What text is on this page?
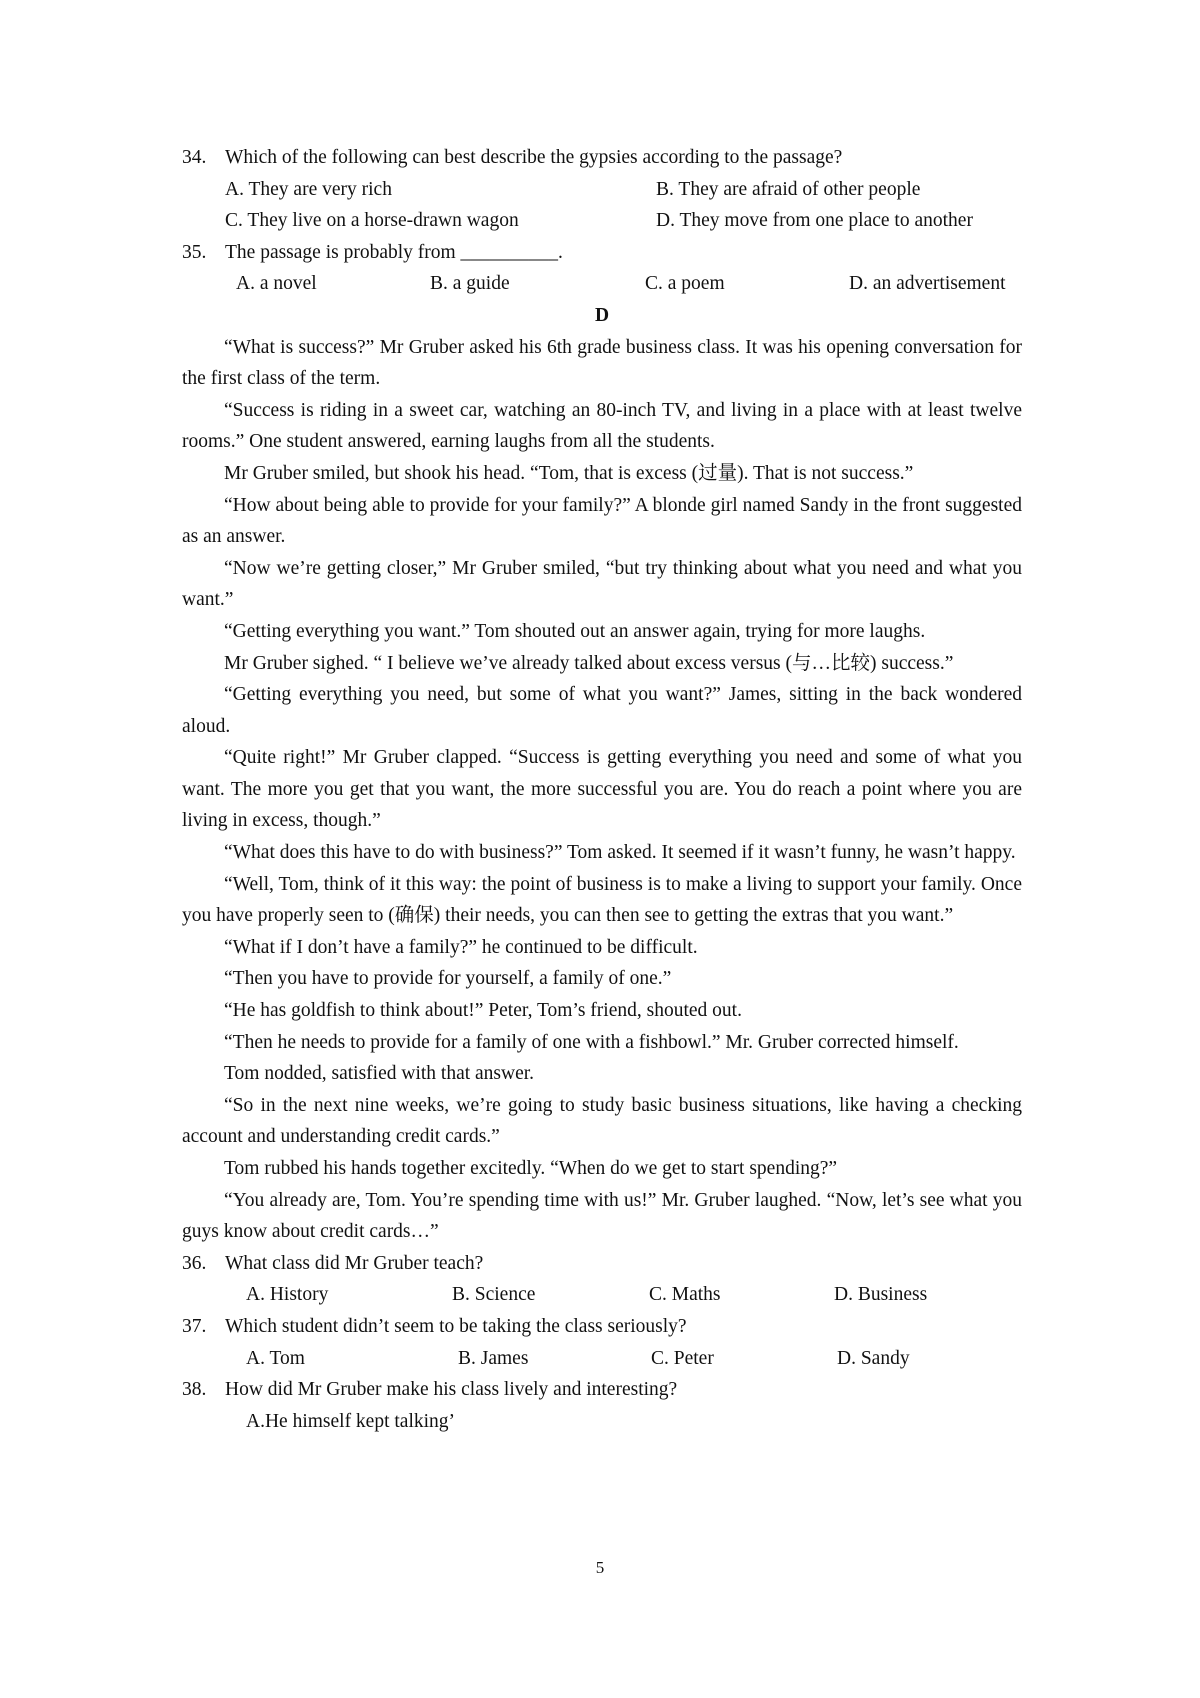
34. Which of the following can best describe the gypsies according to the passage?
A. They are very rich	B. They are afraid of other people
C. They live on a horse-drawn wagon	D. They move from one place to another
35. The passage is probably from __________.
A. a novel	B. a guide	C. a poem	D. an advertisement
D

“What is success?” Mr Gruber asked his 6th grade business class. It was his opening conversation for the first class of the term.

“Success is riding in a sweet car, watching an 80-inch TV, and living in a place with at least twelve rooms.” One student answered, earning laughs from all the students.

Mr Gruber smiled, but shook his head. “Tom, that is excess (过量). That is not success.”

“How about being able to provide for your family?” A blonde girl named Sandy in the front suggested as an answer.

“Now we’re getting closer,” Mr Gruber smiled, “but try thinking about what you need and what you want.”

“Getting everything you want.” Tom shouted out an answer again, trying for more laughs.

Mr Gruber sighed. “ I believe we’ve already talked about excess versus (与…比较) success.”

“Getting everything you need, but some of what you want?” James, sitting in the back wondered aloud.

“Quite right!” Mr Gruber clapped. “Success is getting everything you need and some of what you want. The more you get that you want, the more successful you are. You do reach a point where you are living in excess, though.”

“What does this have to do with business?” Tom asked. It seemed if it wasn’t funny, he wasn’t happy.

“Well, Tom, think of it this way: the point of business is to make a living to support your family. Once you have properly seen to (确保) their needs, you can then see to getting the extras that you want.”

“What if I don’t have a family?” he continued to be difficult.

“Then you have to provide for yourself, a family of one.”

“He has goldfish to think about!” Peter, Tom’s friend, shouted out.

“Then he needs to provide for a family of one with a fishbowl.” Mr. Gruber corrected himself.

Tom nodded, satisfied with that answer.

“So in the next nine weeks, we’re going to study basic business situations, like having a checking account and understanding credit cards.”

Tom rubbed his hands together excitedly. “When do we get to start spending?”

“You already are, Tom. You’re spending time with us!” Mr. Gruber laughed. “Now, let’s see what you guys know about credit cards…”

36. What class did Mr Gruber teach?
A. History	B. Science	C. Maths	D. Business
37. Which student didn’t seem to be taking the class seriously?
A. Tom	B. James	C. Peter	D. Sandy
38. How did Mr Gruber make his class lively and interesting?
A.He himself kept talking’
5
